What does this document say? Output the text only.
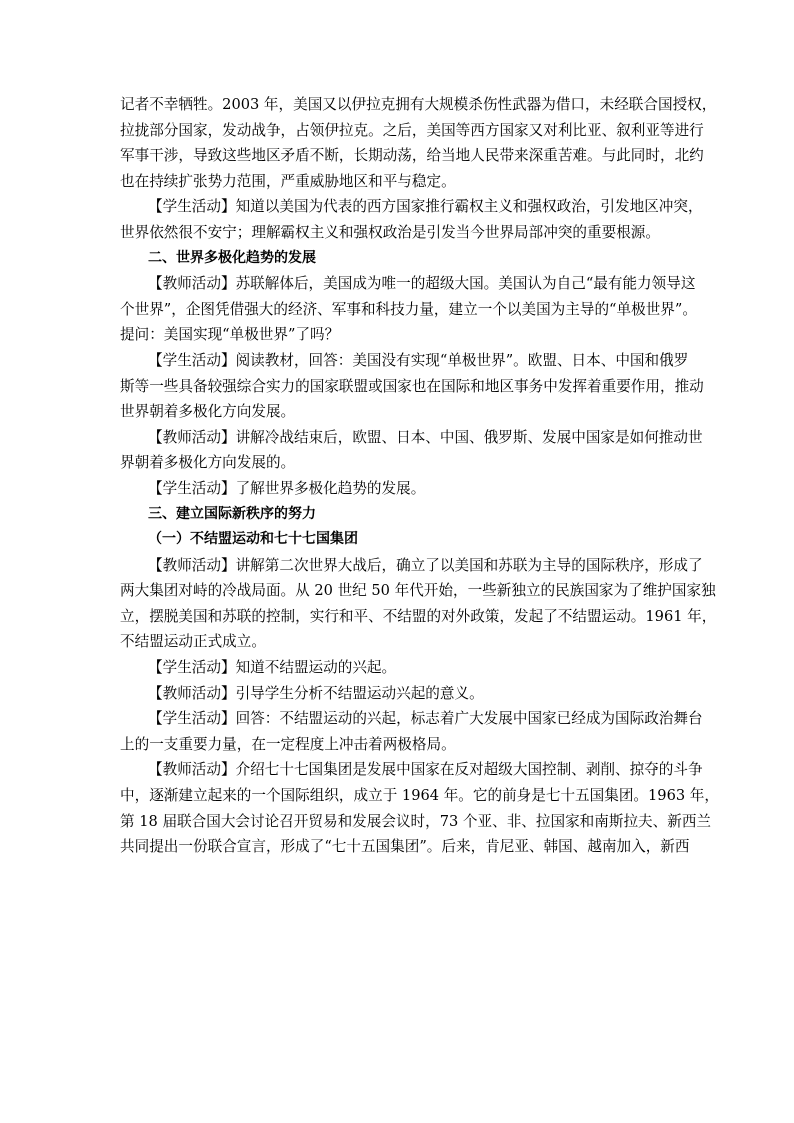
记者不幸牺牲。2003 年，美国又以伊拉克拥有大规模杀伤性武器为借口，未经联合国授权，
拉拢部分国家，发动战争，占领伊拉克。之后，美国等西方国家又对利比亚、叙利亚等进行
军事干涉，导致这些地区矛盾不断，长期动荡，给当地人民带来深重苦难。与此同时，北约
也在持续扩张势力范围，严重威胁地区和平与稳定。
【学生活动】知道以美国为代表的西方国家推行霸权主义和强权政治，引发地区冲突，
世界依然很不安宁；理解霸权主义和强权政治是引发当今世界局部冲突的重要根源。
二、世界多极化趋势的发展
【教师活动】苏联解体后，美国成为唯一的超级大国。美国认为自己“最有能力领导这
个世界”，企图凭借强大的经济、军事和科技力量，建立一个以美国为主导的“单极世界”。
提问：美国实现“单极世界”了吗？
【学生活动】阅读教材，回答：美国没有实现“单极世界”。欧盟、日本、中国和俄罗
斯等一些具备较强综合实力的国家联盟或国家也在国际和地区事务中发挥着重要作用，推动
世界朝着多极化方向发展。
【教师活动】讲解冷战结束后，欧盟、日本、中国、俄罗斯、发展中国家是如何推动世
界朝着多极化方向发展的。
【学生活动】了解世界多极化趋势的发展。
三、建立国际新秩序的努力
（一）不结盟运动和七十七国集团
【教师活动】讲解第二次世界大战后，确立了以美国和苏联为主导的国际秩序，形成了
两大集团对峙的冷战局面。从 20 世纪 50 年代开始，一些新独立的民族国家为了维护国家独
立，摆脱美国和苏联的控制，实行和平、不结盟的对外政策，发起了不结盟运动。1961 年，
不结盟运动正式成立。
【学生活动】知道不结盟运动的兴起。
【教师活动】引导学生分析不结盟运动兴起的意义。
【学生活动】回答：不结盟运动的兴起，标志着广大发展中国家已经成为国际政治舞台
上的一支重要力量，在一定程度上冲击着两极格局。
【教师活动】介绍七十七国集团是发展中国家在反对超级大国控制、剥削、掠夺的斗争
中，逐渐建立起来的一个国际组织，成立于 1964 年。它的前身是七十五国集团。1963 年，
第 18 届联合国大会讨论召开贸易和发展会议时，73 个亚、非、拉国家和南斯拉夫、新西兰
共同提出一份联合宣言，形成了“七十五国集团”。后来，肯尼亚、韩国、越南加入，新西
